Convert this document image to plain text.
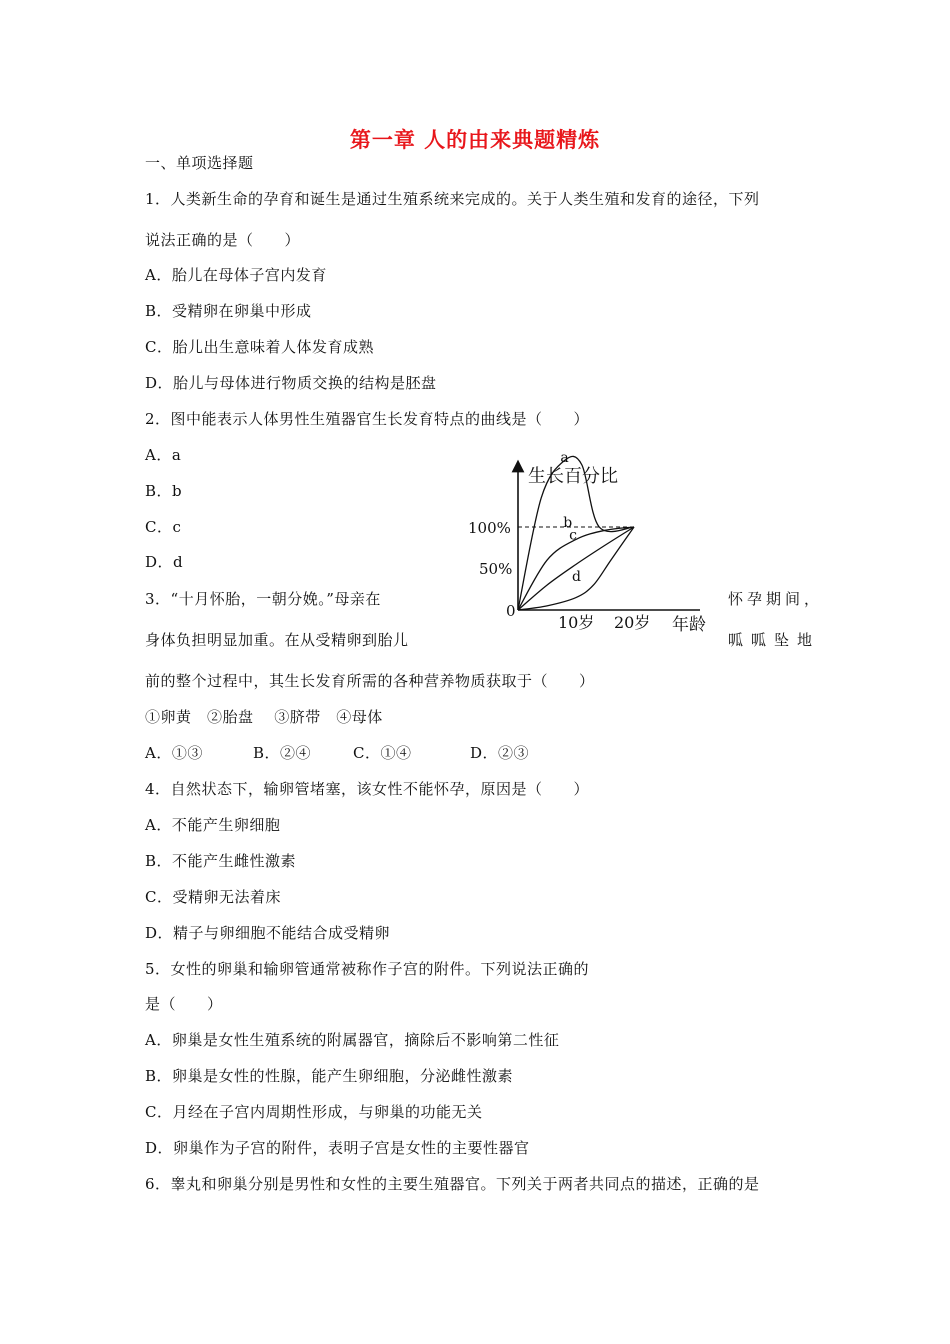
第一章 人的由来典题精炼
一、单项选择题
1．人类新生命的孕育和诞生是通过生殖系统来完成的。关于人类生殖和发育的途径，下列
说法正确的是（　　）
A．胎儿在母体子宫内发育
B．受精卵在卵巢中形成
C．胎儿出生意味着人体发育成熟
D．胎儿与母体进行物质交换的结构是胚盘
2．图中能表示人体男性生殖器官生长发育特点的曲线是（　　）
A．a
B．b
C．c
D．d
生长百分比
年龄
0
50%
100%
10岁 20岁
a
b
c
d
3．“十月怀胎，一朝分娩。”母亲在	怀孕期间，
身体负担明显加重。在从受精卵到胎儿	呱呱坠地
前的整个过程中，其生长发育所需的各种营养物质获取于（　　）
①卵黄　②胎盘　 ③脐带　④母体
A．①③	B．②④	C．①④	D．②③
4．自然状态下，输卵管堵塞，该女性不能怀孕，原因是（　　）
A．不能产生卵细胞
B．不能产生雌性激素
C．受精卵无法着床
D．精子与卵细胞不能结合成受精卵
5．女性的卵巢和输卵管通常被称作子宫的附件。下列说法正确的
是（　　）
A．卵巢是女性生殖系统的附属器官，摘除后不影响第二性征
B．卵巢是女性的性腺，能产生卵细胞，分泌雌性激素
C．月经在子宫内周期性形成，与卵巢的功能无关
D．卵巢作为子宫的附件，表明子宫是女性的主要性器官
6．睾丸和卵巢分别是男性和女性的主要生殖器官。下列关于两者共同点的描述，正确的是
